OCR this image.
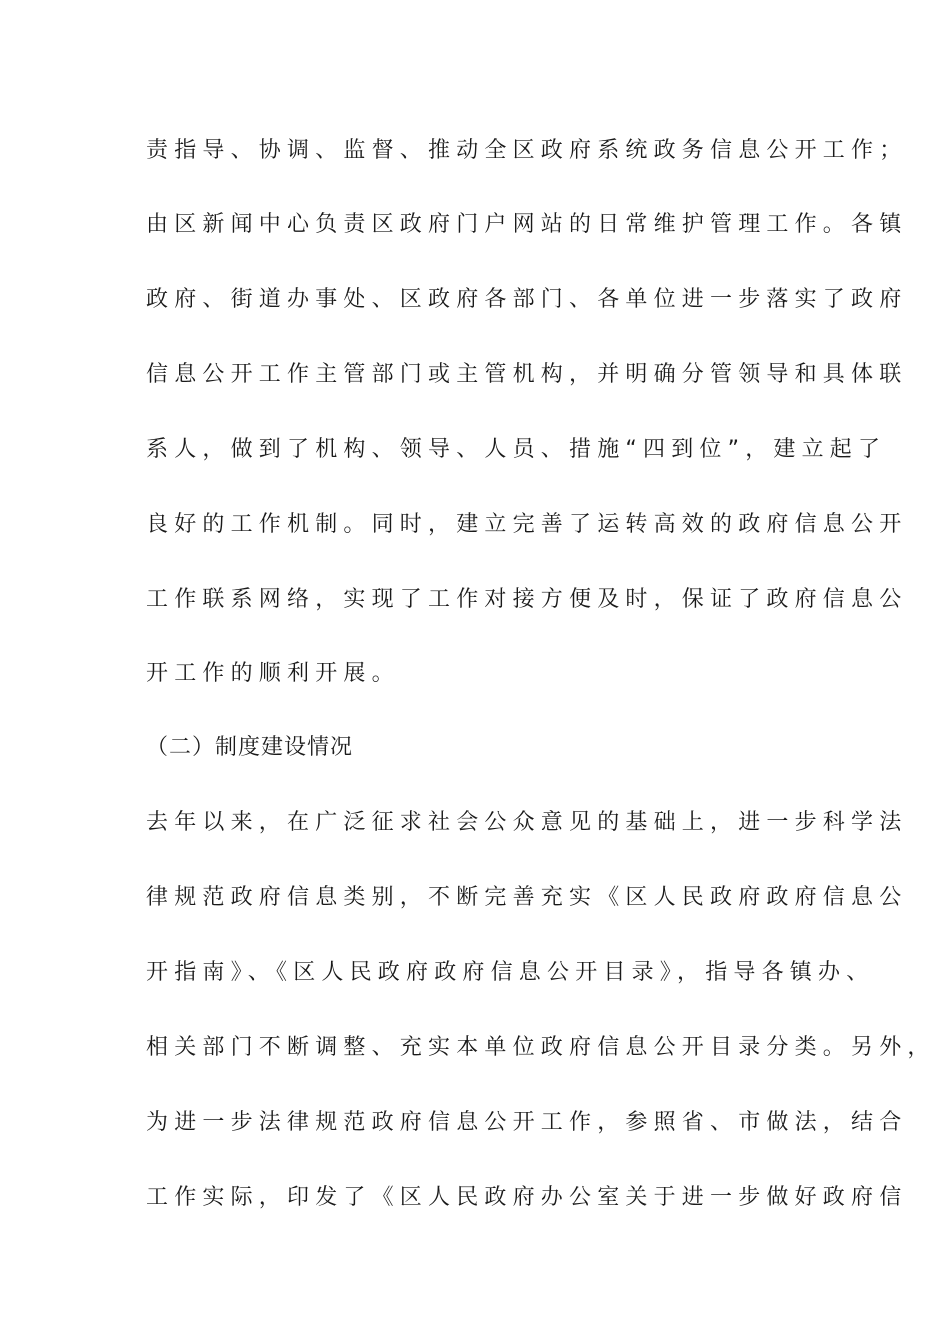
责指导、协调、监督、推动全区政府系统政务信息公开工作；
由区新闻中心负责区政府门户网站的日常维护管理工作。各镇
政府、街道办事处、区政府各部门、各单位进一步落实了政府
信息公开工作主管部门或主管机构，并明确分管领导和具体联
系人，做到了机构、领导、人员、措施“四到位”，建立起了
良好的工作机制。同时，建立完善了运转高效的政府信息公开
工作联系网络，实现了工作对接方便及时，保证了政府信息公
开工作的顺利开展。
（二）制度建设情况
去年以来，在广泛征求社会公众意见的基础上，进一步科学法
律规范政府信息类别，不断完善充实《区人民政府政府信息公
开指南》、《区人民政府政府信息公开目录》，指导各镇办、
相关部门不断调整、充实本单位政府信息公开目录分类。另外，
为进一步法律规范政府信息公开工作，参照省、市做法，结合
工作实际，印发了《区人民政府办公室关于进一步做好政府信
